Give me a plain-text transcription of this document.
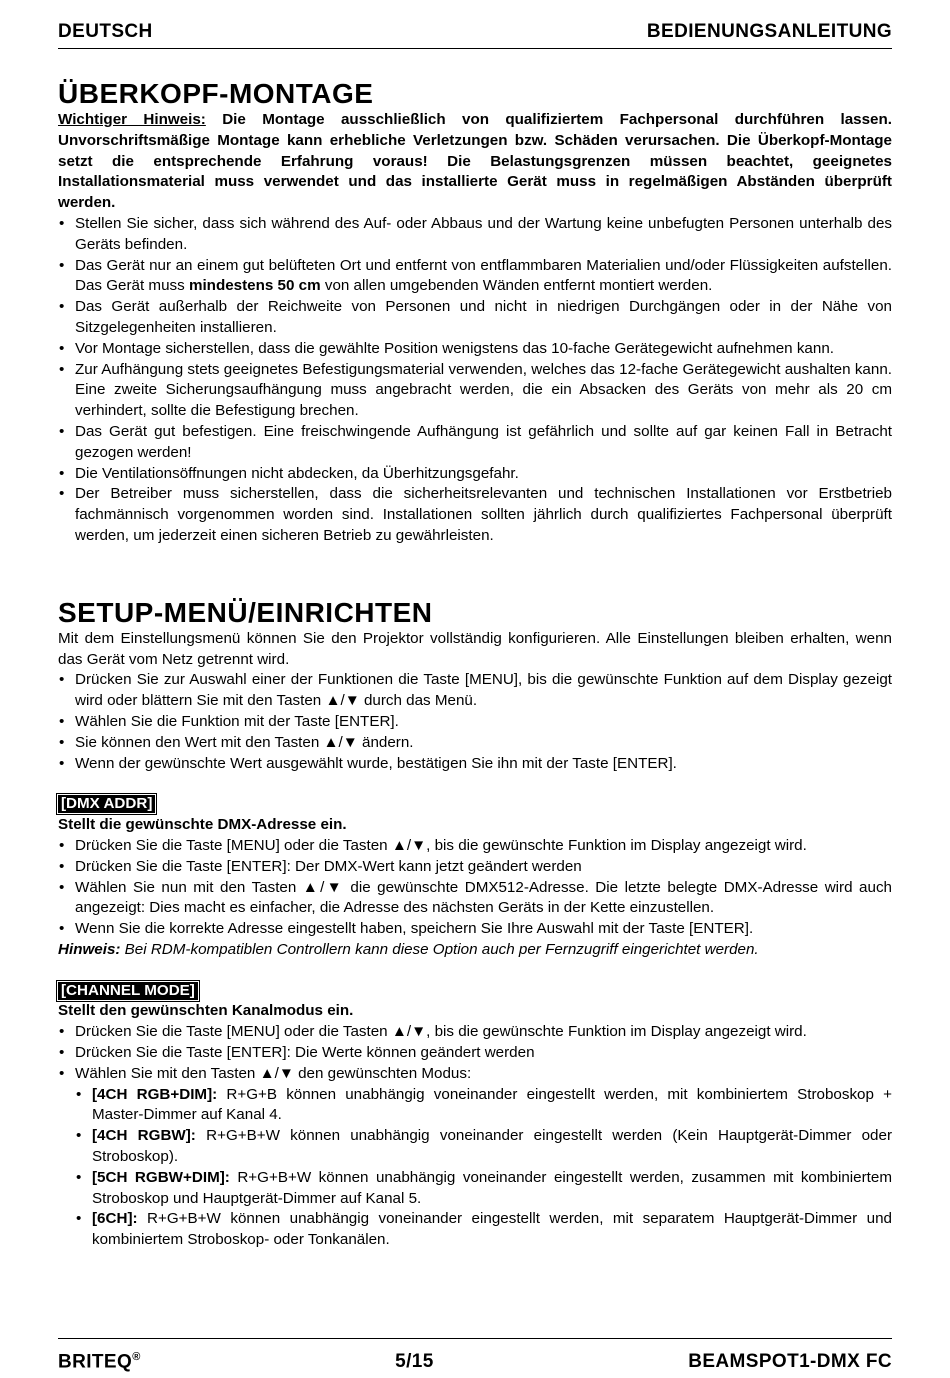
DEUTSCH	BEDIENUNGSANLEITUNG
ÜBERKOPF-MONTAGE

Wichtiger Hinweis: Die Montage ausschließlich von qualifiziertem Fachpersonal durchführen lassen. Unvorschriftsmäßige Montage kann erhebliche Verletzungen bzw. Schäden verursachen. Die Überkopf-Montage setzt die entsprechende Erfahrung voraus! Die Belastungsgrenzen müssen beachtet, geeignetes Installationsmaterial muss verwendet und das installierte Gerät muss in regelmäßigen Abständen überprüft werden.

• Stellen Sie sicher, dass sich während des Auf- oder Abbaus und der Wartung keine unbefugten Personen unterhalb des Geräts befinden.
• Das Gerät nur an einem gut belüfteten Ort und entfernt von entflammbaren Materialien und/oder Flüssigkeiten aufstellen. Das Gerät muss mindestens 50 cm von allen umgebenden Wänden entfernt montiert werden.
• Das Gerät außerhalb der Reichweite von Personen und nicht in niedrigen Durchgängen oder in der Nähe von Sitzgelegenheiten installieren.
• Vor Montage sicherstellen, dass die gewählte Position wenigstens das 10-fache Gerätegewicht aufnehmen kann.
• Zur Aufhängung stets geeignetes Befestigungsmaterial verwenden, welches das 12-fache Gerätegewicht aushalten kann. Eine zweite Sicherungsaufhängung muss angebracht werden, die ein Absacken des Geräts von mehr als 20 cm verhindert, sollte die Befestigung brechen.
• Das Gerät gut befestigen. Eine freischwingende Aufhängung ist gefährlich und sollte auf gar keinen Fall in Betracht gezogen werden!
• Die Ventilationsöffnungen nicht abdecken, da Überhitzungsgefahr.
• Der Betreiber muss sicherstellen, dass die sicherheitsrelevanten und technischen Installationen vor Erstbetrieb fachmännisch vorgenommen worden sind. Installationen sollten jährlich durch qualifiziertes Fachpersonal überprüft werden, um jederzeit einen sicheren Betrieb zu gewährleisten.
SETUP-MENÜ/EINRICHTEN

Mit dem Einstellungsmenü können Sie den Projektor vollständig konfigurieren. Alle Einstellungen bleiben erhalten, wenn das Gerät vom Netz getrennt wird.

• Drücken Sie zur Auswahl einer der Funktionen die Taste [MENU], bis die gewünschte Funktion auf dem Display gezeigt wird oder blättern Sie mit den Tasten ▲/▼ durch das Menü.
• Wählen Sie die Funktion mit der Taste [ENTER].
• Sie können den Wert mit den Tasten ▲/▼ ändern.
• Wenn der gewünschte Wert ausgewählt wurde, bestätigen Sie ihn mit der Taste [ENTER].
[DMX ADDR]

Stellt die gewünschte DMX-Adresse ein.

• Drücken Sie die Taste [MENU] oder die Tasten ▲/▼, bis die gewünschte Funktion im Display angezeigt wird.
• Drücken Sie die Taste [ENTER]: Der DMX-Wert kann jetzt geändert werden
• Wählen Sie nun mit den Tasten ▲/▼ die gewünschte DMX512-Adresse. Die letzte belegte DMX-Adresse wird auch angezeigt: Dies macht es einfacher, die Adresse des nächsten Geräts in der Kette einzustellen.
• Wenn Sie die korrekte Adresse eingestellt haben, speichern Sie Ihre Auswahl mit der Taste [ENTER].

Hinweis: Bei RDM-kompatiblen Controllern kann diese Option auch per Fernzugriff eingerichtet werden.

[CHANNEL MODE]

Stellt den gewünschten Kanalmodus ein.

• Drücken Sie die Taste [MENU] oder die Tasten ▲/▼, bis die gewünschte Funktion im Display angezeigt wird.
• Drücken Sie die Taste [ENTER]: Die Werte können geändert werden
• Wählen Sie mit den Tasten ▲/▼ den gewünschten Modus:
• [4CH RGB+DIM]: R+G+B können unabhängig voneinander eingestellt werden, mit kombiniertem Stroboskop + Master-Dimmer auf Kanal 4.
• [4CH RGBW]: R+G+B+W können unabhängig voneinander eingestellt werden (Kein Hauptgerät-Dimmer oder Stroboskop).
• [5CH RGBW+DIM]: R+G+B+W können unabhängig voneinander eingestellt werden, zusammen mit kombiniertem Stroboskop und Hauptgerät-Dimmer auf Kanal 5.
• [6CH]: R+G+B+W können unabhängig voneinander eingestellt werden, mit separatem Hauptgerät-Dimmer und kombiniertem Stroboskop- oder Tonkanälen.
BRITEQ®	5/15	BEAMSPOT1-DMX FC
